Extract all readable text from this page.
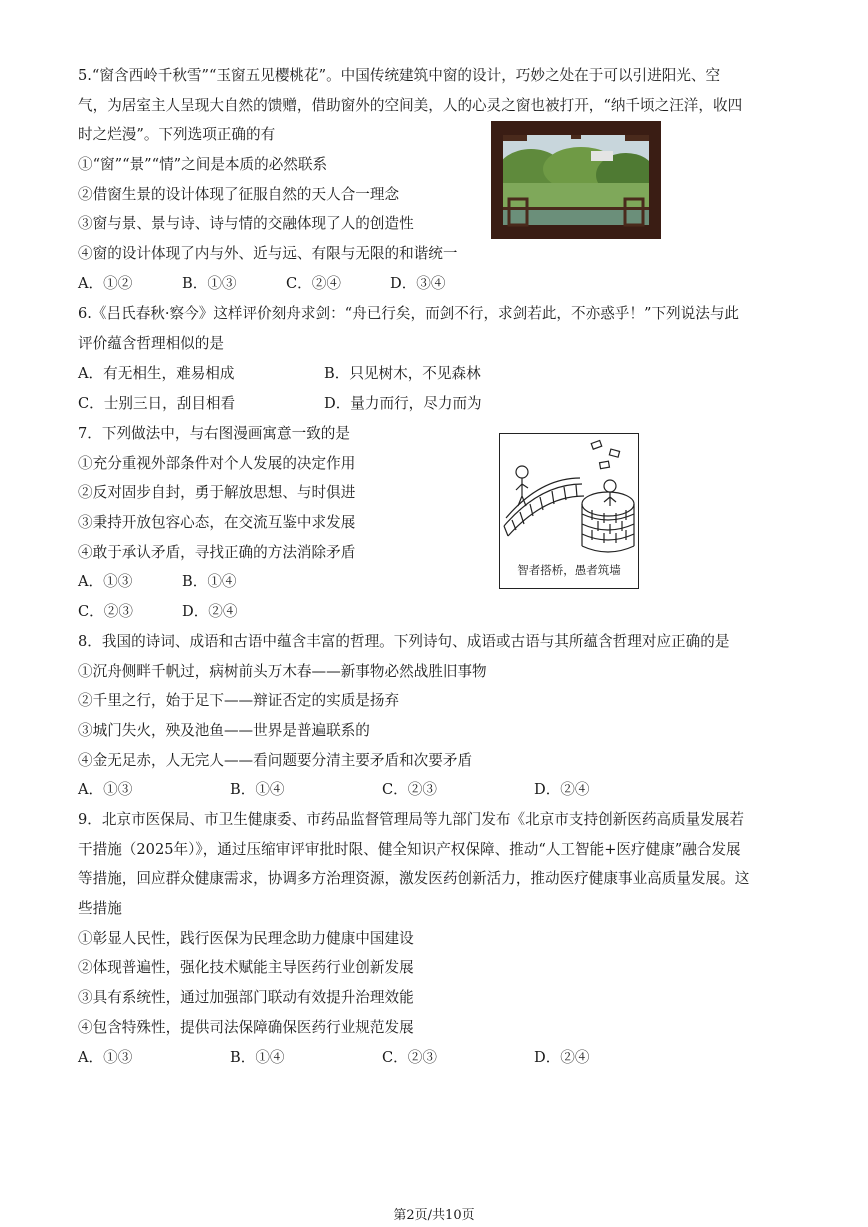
5.“窗含西岭千秋雪”“玉窗五见樱桃花”。中国传统建筑中窗的设计，巧妙之处在于可以引进阳光、空
气，为居室主人呈现大自然的馈赠，借助窗外的空间美，人的心灵之窗也被打开，“纳千顷之汪洋，收四
时之烂漫”。下列选项正确的有
①“窗”“景”“情”之间是本质的必然联系
②借窗生景的设计体现了征服自然的天人合一理念
③窗与景、景与诗、诗与情的交融体现了人的创造性
④窗的设计体现了内与外、近与远、有限与无限的和谐统一
A．①②	B．①③	C．②④	D．③④
6.《吕氏春秋·察今》这样评价刻舟求剑：“舟已行矣，而剑不行，求剑若此，不亦惑乎！”下列说法与此
评价蕴含哲理相似的是
A．有无相生，难易相成	B．只见树木，不见森林
C．士别三日，刮目相看	D．量力而行，尽力而为
7．下列做法中，与右图漫画寓意一致的是
①充分重视外部条件对个人发展的决定作用
②反对固步自封，勇于解放思想、与时俱进
③秉持开放包容心态，在交流互鉴中求发展
④敢于承认矛盾，寻找正确的方法消除矛盾
A．①③	B．①④
C．②③	D．②④
智者搭桥，愚者筑墙
8．我国的诗词、成语和古语中蕴含丰富的哲理。下列诗句、成语或古语与其所蕴含哲理对应正确的是
①沉舟侧畔千帆过，病树前头万木春——新事物必然战胜旧事物
②千里之行，始于足下——辩证否定的实质是扬弃
③城门失火，殃及池鱼——世界是普遍联系的
④金无足赤，人无完人——看问题要分清主要矛盾和次要矛盾
A．①③	B．①④	C．②③	D．②④
9．北京市医保局、市卫生健康委、市药品监督管理局等九部门发布《北京市支持创新医药高质量发展若
干措施（2025年）》，通过压缩审评审批时限、健全知识产权保障、推动“人工智能+医疗健康”融合发展
等措施，回应群众健康需求，协调多方治理资源，激发医药创新活力，推动医疗健康事业高质量发展。这
些措施
①彰显人民性，践行医保为民理念助力健康中国建设
②体现普遍性，强化技术赋能主导医药行业创新发展
③具有系统性，通过加强部门联动有效提升治理效能
④包含特殊性，提供司法保障确保医药行业规范发展
A．①③	B．①④	C．②③	D．②④
第2页/共10页
